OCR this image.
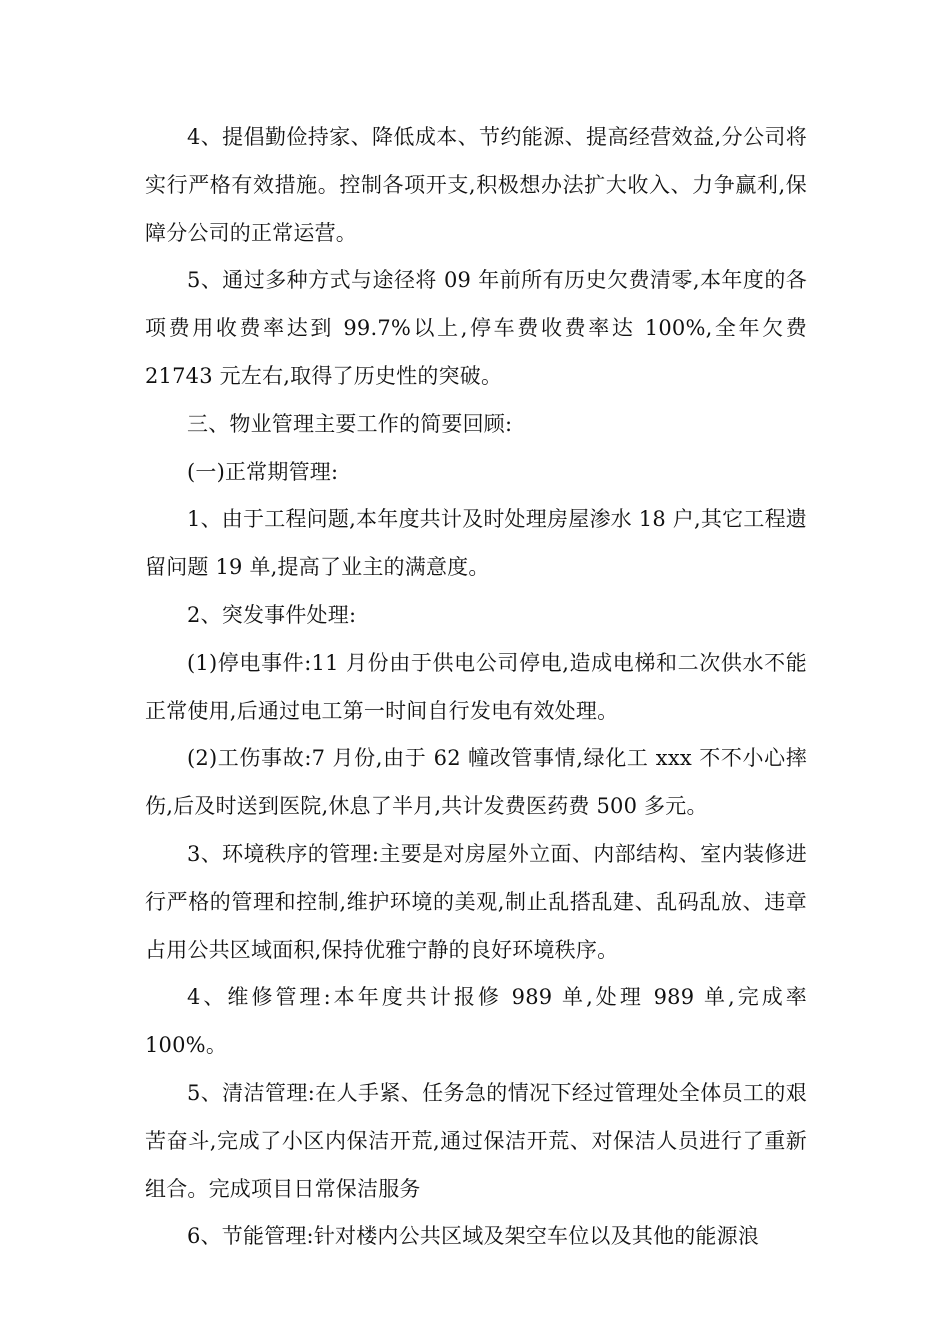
4、提倡勤俭持家、降低成本、节约能源、提高经营效益,分公司将实行严格有效措施。控制各项开支,积极想办法扩大收入、力争赢利,保障分公司的正常运营。

5、通过多种方式与途径将 09 年前所有历史欠费清零,本年度的各项费用收费率达到 99.7%以上,停车费收费率达 100%,全年欠费 21743 元左右,取得了历史性的突破。

三、物业管理主要工作的简要回顾:

(一)正常期管理:

1、由于工程问题,本年度共计及时处理房屋渗水 18 户,其它工程遗留问题 19 单,提高了业主的满意度。

2、突发事件处理:

(1)停电事件:11 月份由于供电公司停电,造成电梯和二次供水不能正常使用,后通过电工第一时间自行发电有效处理。

(2)工伤事故:7 月份,由于 62 幢改管事情,绿化工 xxx 不不小心摔伤,后及时送到医院,休息了半月,共计发费医药费 500 多元。

3、环境秩序的管理:主要是对房屋外立面、内部结构、室内装修进行严格的管理和控制,维护环境的美观,制止乱搭乱建、乱码乱放、违章占用公共区域面积,保持优雅宁静的良好环境秩序。

4、维修管理:本年度共计报修 989 单,处理 989 单,完成率 100%。

5、清洁管理:在人手紧、任务急的情况下经过管理处全体员工的艰苦奋斗,完成了小区内保洁开荒,通过保洁开荒、对保洁人员进行了重新组合。完成项目日常保洁服务

6、节能管理:针对楼内公共区域及架空车位以及其他的能源浪
